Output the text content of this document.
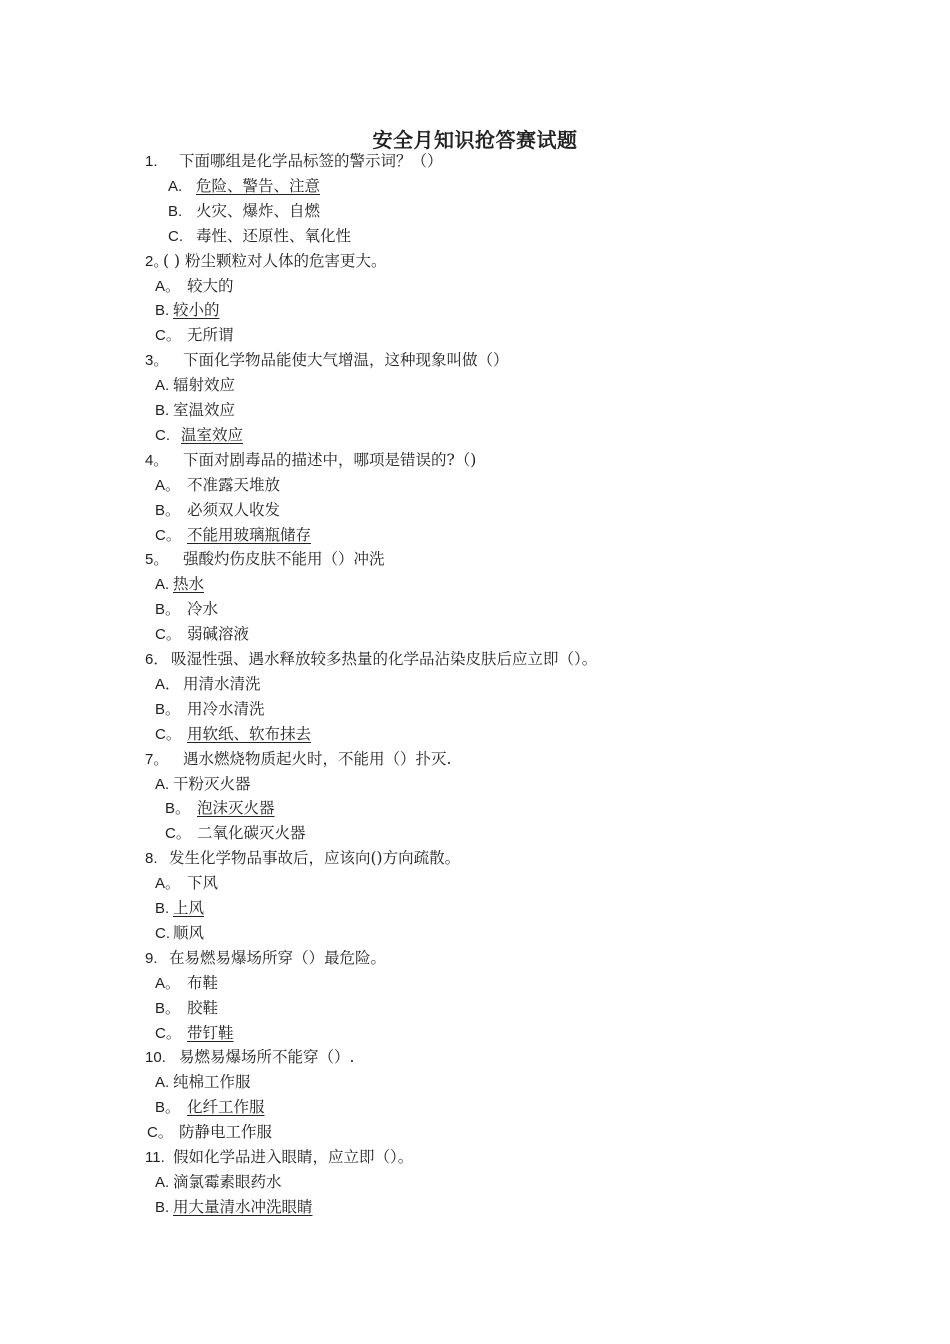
安全月知识抢答赛试题
1. 下面哪组是化学品标签的警示词？（）
A. 危险、警告、注意
B. 火灾、爆炸、自燃
C. 毒性、还原性、氧化性
2。( ) 粉尘颗粒对人体的危害更大。
A。 较大的
B. 较小的
C。 无所谓
3。 下面化学物品能使大气增温，这种现象叫做（）
A. 辐射效应
B. 室温效应
C. 温室效应
4。 下面对剧毒品的描述中，哪项是错误的?（)
A。 不准露天堆放
B。 必须双人收发
C。 不能用玻璃瓶储存
5。 强酸灼伤皮肤不能用（）冲洗
A. 热水
B。 冷水
C。 弱碱溶液
6． 吸湿性强、遇水释放较多热量的化学品沾染皮肤后应立即（）。
A． 用清水清洗
B。 用冷水清洗
C。 用软纸、软布抹去
7。 遇水燃烧物质起火时，不能用（）扑灭.
A. 干粉灭火器
B。 泡沫灭火器
C。 二氧化碳灭火器
8. 发生化学物品事故后，应该向()方向疏散。
A。 下风
B. 上风
C. 顺风
9. 在易燃易爆场所穿（）最危险。
A。 布鞋
B。 胶鞋
C。 带钉鞋
10. 易燃易爆场所不能穿（）.
A. 纯棉工作服
B。 化纤工作服
C。 防静电工作服
11. 假如化学品进入眼睛，应立即（）。
A. 滴氯霉素眼药水
B. 用大量清水冲洗眼睛
